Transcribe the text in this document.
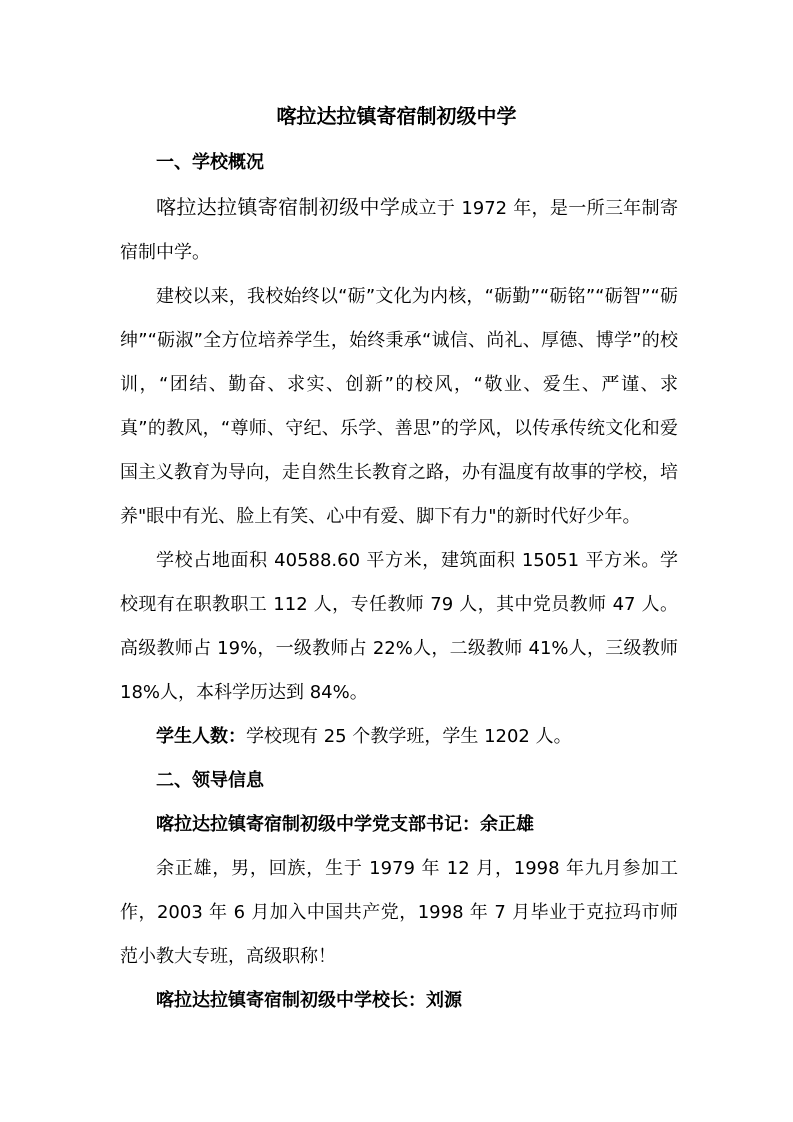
喀拉达拉镇寄宿制初级中学

一、学校概况

喀拉达拉镇寄宿制初级中学成立于 1972 年，是一所三年制寄宿制中学。

建校以来，我校始终以“砺”文化为内核，“砺勤”“砺铭”“砺智”“砺绅”“砺淑”全方位培养学生，始终秉承“诚信、尚礼、厚德、博学”的校训，“团结、勤奋、求实、创新”的校风，“敬业、爱生、严谨、求真”的教风，“尊师、守纪、乐学、善思”的学风，以传承传统文化和爱国主义教育为导向，走自然生长教育之路，办有温度有故事的学校，培养"眼中有光、脸上有笑、心中有爱、脚下有力"的新时代好少年。

学校占地面积 40588.60 平方米，建筑面积 15051 平方米。学校现有在职教职工 112 人，专任教师 79 人，其中党员教师 47 人。高级教师占 19%，一级教师占 22%人，二级教师 41%人，三级教师 18%人，本科学历达到 84%。

学生人数：学校现有 25 个教学班，学生 1202 人。

二、领导信息

喀拉达拉镇寄宿制初级中学党支部书记：余正雄

余正雄，男，回族，生于 1979 年 12 月，1998 年九月参加工作，2003 年 6 月加入中国共产党，1998 年 7 月毕业于克拉玛市师范小教大专班，高级职称！

喀拉达拉镇寄宿制初级中学校长：刘源
